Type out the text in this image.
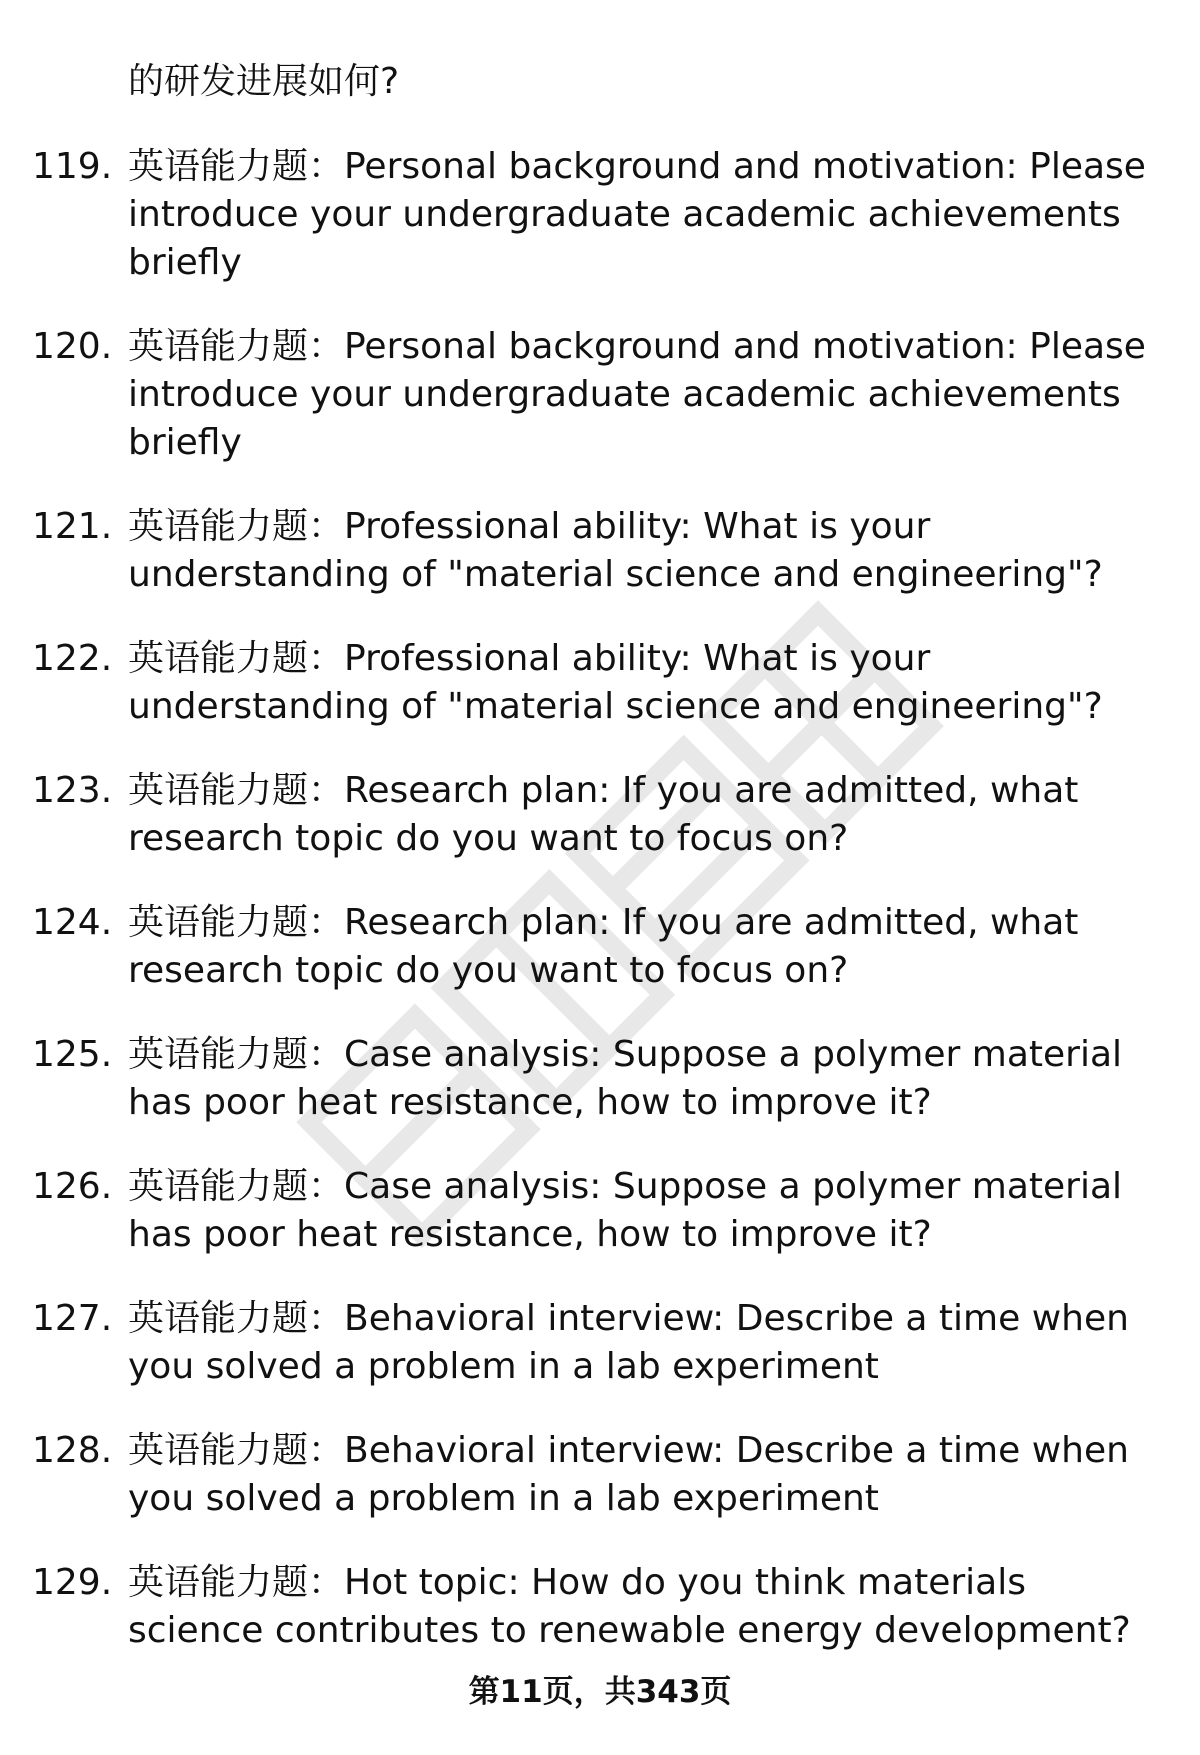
的研发进展如何?
119. 英语能力题：Personal background and motivation: Please introduce your undergraduate academic achievements briefly
120. 英语能力题：Personal background and motivation: Please introduce your undergraduate academic achievements briefly
121. 英语能力题：Professional ability: What is your understanding of "material science and engineering"?
122. 英语能力题：Professional ability: What is your understanding of "material science and engineering"?
123. 英语能力题：Research plan: If you are admitted, what research topic do you want to focus on?
124. 英语能力题：Research plan: If you are admitted, what research topic do you want to focus on?
125. 英语能力题：Case analysis: Suppose a polymer material has poor heat resistance, how to improve it?
126. 英语能力题：Case analysis: Suppose a polymer material has poor heat resistance, how to improve it?
127. 英语能力题：Behavioral interview: Describe a time when you solved a problem in a lab experiment
128. 英语能力题：Behavioral interview: Describe a time when you solved a problem in a lab experiment
129. 英语能力题：Hot topic: How do you think materials science contributes to renewable energy development?
第11页，共343页
